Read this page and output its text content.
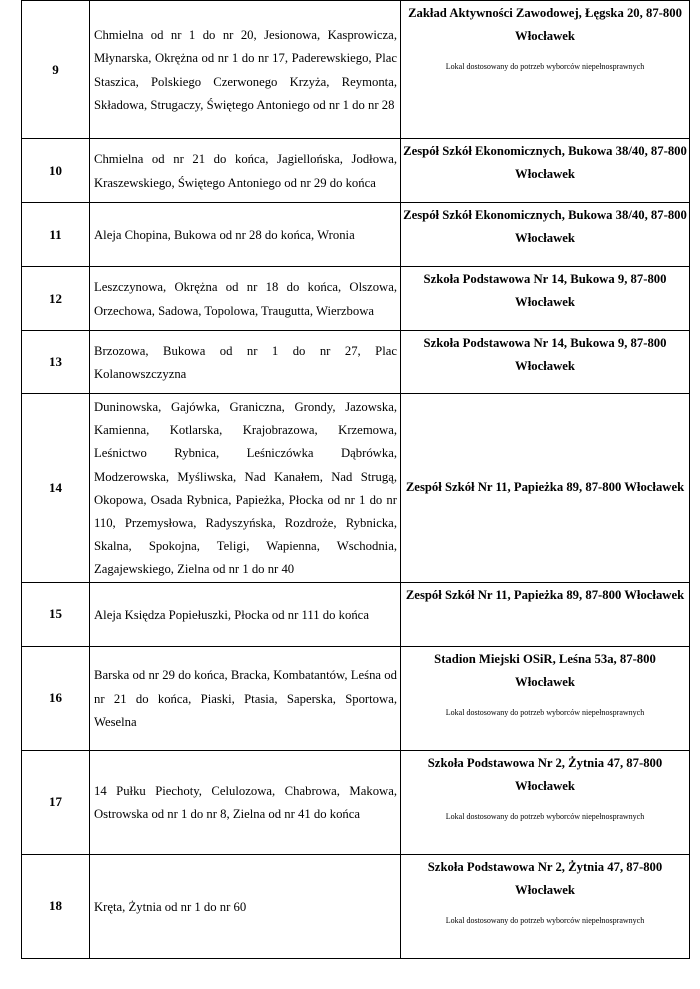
9	Chmielna od nr 1 do nr 20, Jesionowa, Kasprowicza, Młynarska, Okrężna od nr 1 do nr 17, Paderewskiego, Plac Staszica, Polskiego Czerwonego Krzyża, Reymonta, Składowa, Strugaczy, Świętego Antoniego od nr 1 do nr 28	Zakład Aktywności Zawodowej, Łęgska 20, 87-800 Włocławek
Lokal dostosowany do potrzeb wyborców niepełnosprawnych

10	Chmielna od nr 21 do końca, Jagiellońska, Jodłowa, Kraszewskiego, Świętego Antoniego od nr 29 do końca	Zespół Szkół Ekonomicznych, Bukowa 38/40, 87-800 Włocławek

11	Aleja Chopina, Bukowa od nr 28 do końca, Wronia	Zespół Szkół Ekonomicznych, Bukowa 38/40, 87-800 Włocławek

12	Leszczynowa, Okrężna od nr 18 do końca, Olszowa, Orzechowa, Sadowa, Topolowa, Traugutta, Wierzbowa	Szkoła Podstawowa Nr 14, Bukowa 9, 87-800 Włocławek

13	Brzozowa, Bukowa od nr 1 do nr 27, Plac Kolanowszczyzna	Szkoła Podstawowa Nr 14, Bukowa 9, 87-800 Włocławek

14	Duninowska, Gajówka, Graniczna, Grondy, Jazowska, Kamienna, Kotlarska, Krajobrazowa, Krzemowa, Leśnictwo Rybnica, Leśniczówka Dąbrówka, Modzerowska, Myśliwska, Nad Kanałem, Nad Strugą, Okopowa, Osada Rybnica, Papieżka, Płocka od nr 1 do nr 110, Przemysłowa, Radyszyńska, Rozdroże, Rybnicka, Skalna, Spokojna, Teligi, Wapienna, Wschodnia, Zagajewskiego, Zielna od nr 1 do nr 40	Zespół Szkół Nr 11, Papieżka 89, 87-800 Włocławek

15	Aleja Księdza Popiełuszki, Płocka od nr 111 do końca	Zespół Szkół Nr 11, Papieżka 89, 87-800 Włocławek

16	Barska od nr 29 do końca, Bracka, Kombatantów, Leśna od nr 21 do końca, Piaski, Ptasia, Saperska, Sportowa, Weselna	Stadion Miejski OSiR, Leśna 53a, 87-800 Włocławek
Lokal dostosowany do potrzeb wyborców niepełnosprawnych

17	14 Pułku Piechoty, Celulozowa, Chabrowa, Makowa, Ostrowska od nr 1 do nr 8, Zielna od nr 41 do końca	Szkoła Podstawowa Nr 2, Żytnia 47, 87-800 Włocławek
Lokal dostosowany do potrzeb wyborców niepełnosprawnych

18	Kręta, Żytnia od nr 1 do nr 60	Szkoła Podstawowa Nr 2, Żytnia 47, 87-800 Włocławek
Lokal dostosowany do potrzeb wyborców niepełnosprawnych
